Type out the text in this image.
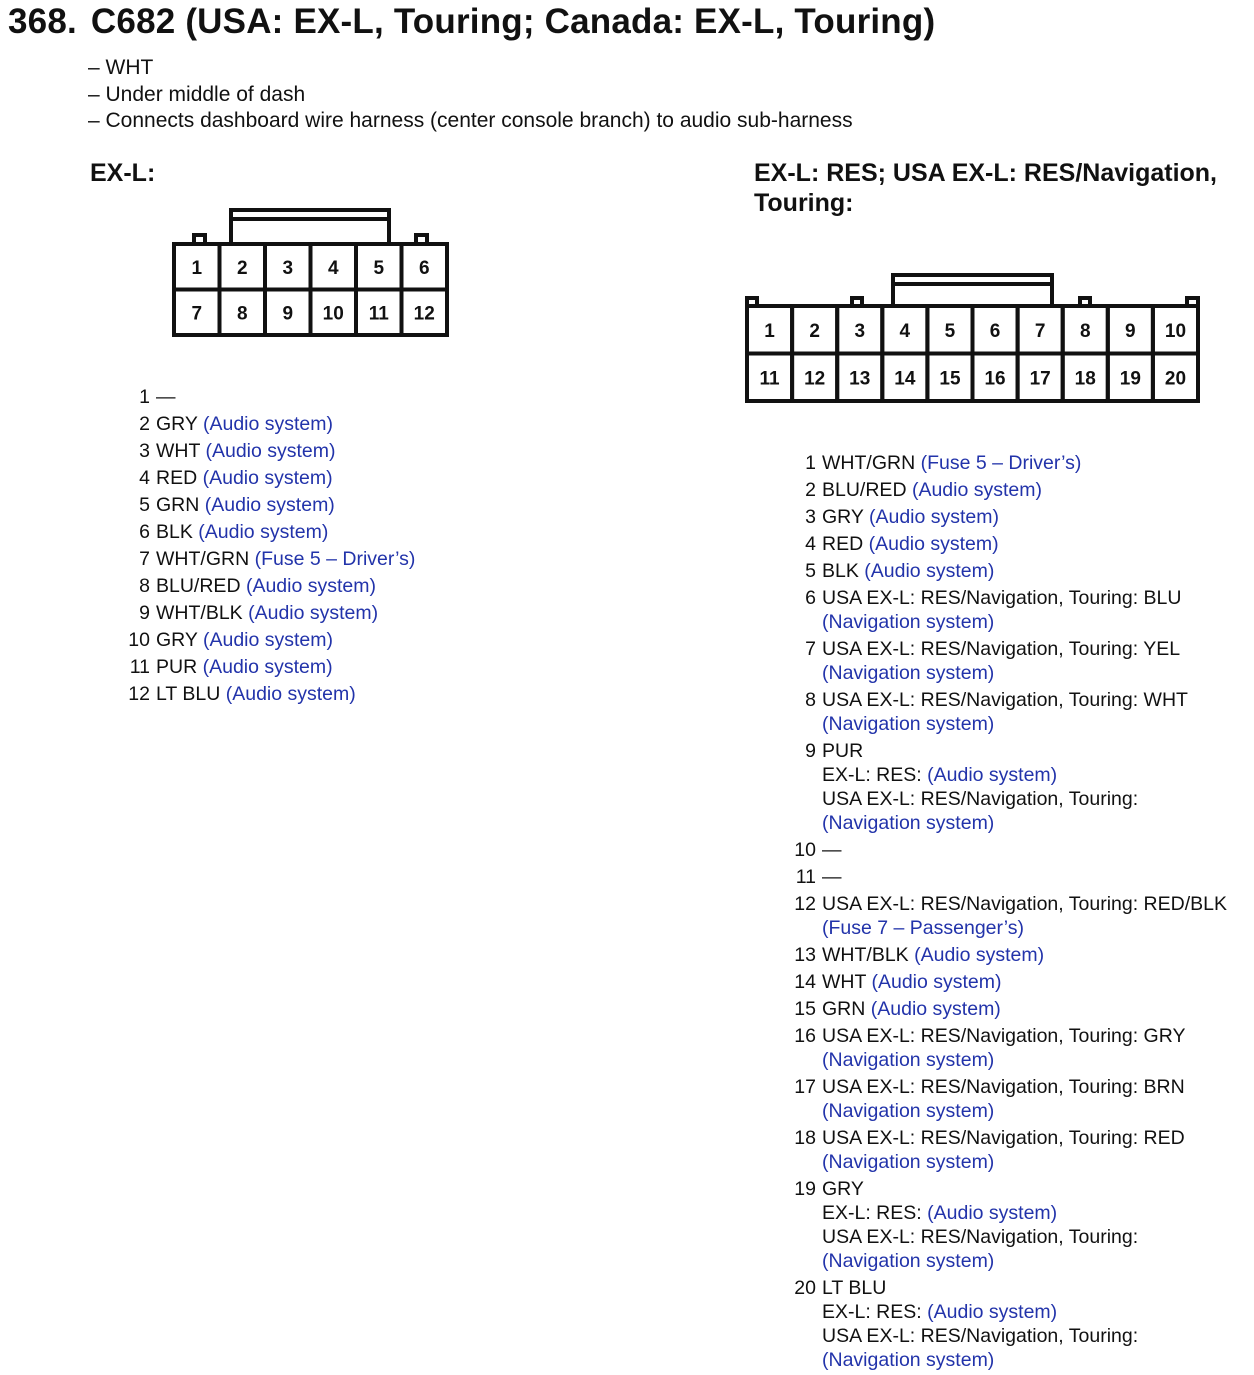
368. C682 (USA: EX-L, Touring; Canada: EX-L, Touring)
– WHT
– Under middle of dash
– Connects dashboard wire harness (center console branch) to audio sub-harness
EX-L:	EX-L: RES; USA EX-L: RES/Navigation, Touring:
1 2 3 4 5 6
7 8 9 10 11 12
1 2 3 4 5 6 7 8 9 10
11 12 13 14 15 16 17 18 19 20
1 —
2 GRY (Audio system)
3 WHT (Audio system)
4 RED (Audio system)
5 GRN (Audio system)
6 BLK (Audio system)
7 WHT/GRN (Fuse 5 – Driver’s)
8 BLU/RED (Audio system)
9 WHT/BLK (Audio system)
10 GRY (Audio system)
11 PUR (Audio system)
12 LT BLU (Audio system)
1 WHT/GRN (Fuse 5 – Driver’s)
2 BLU/RED (Audio system)
3 GRY (Audio system)
4 RED (Audio system)
5 BLK (Audio system)
6 USA EX-L: RES/Navigation, Touring: BLU
(Navigation system)
7 USA EX-L: RES/Navigation, Touring: YEL
(Navigation system)
8 USA EX-L: RES/Navigation, Touring: WHT
(Navigation system)
9 PUR
EX-L: RES: (Audio system)
USA EX-L: RES/Navigation, Touring:
(Navigation system)
10 —
11 —
12 USA EX-L: RES/Navigation, Touring: RED/BLK
(Fuse 7 – Passenger’s)
13 WHT/BLK (Audio system)
14 WHT (Audio system)
15 GRN (Audio system)
16 USA EX-L: RES/Navigation, Touring: GRY
(Navigation system)
17 USA EX-L: RES/Navigation, Touring: BRN
(Navigation system)
18 USA EX-L: RES/Navigation, Touring: RED
(Navigation system)
19 GRY
EX-L: RES: (Audio system)
USA EX-L: RES/Navigation, Touring:
(Navigation system)
20 LT BLU
EX-L: RES: (Audio system)
USA EX-L: RES/Navigation, Touring:
(Navigation system)
